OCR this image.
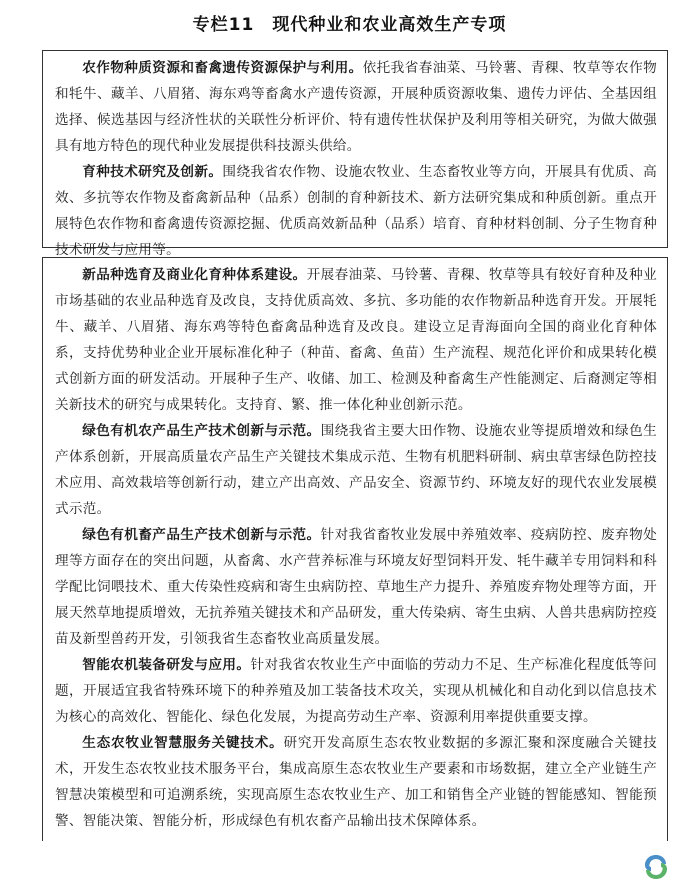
专栏11　现代种业和农业高效生产专项

农作物种质资源和畜禽遗传资源保护与利用。依托我省春油菜、马铃薯、青稞、牧草等农作物和牦牛、藏羊、八眉猪、海东鸡等畜禽水产遗传资源，开展种质资源收集、遗传力评估、全基因组选择、候选基因与经济性状的关联性分析评价、特有遗传性状保护及利用等相关研究，为做大做强具有地方特色的现代种业发展提供科技源头供给。

育种技术研究及创新。围绕我省农作物、设施农牧业、生态畜牧业等方向，开展具有优质、高效、多抗等农作物及畜禽新品种（品系）创制的育种新技术、新方法研究集成和种质创新。重点开展特色农作物和畜禽遗传资源挖掘、优质高效新品种（品系）培育、育种材料创制、分子生物育种技术研发与应用等。

新品种选育及商业化育种体系建设。开展春油菜、马铃薯、青稞、牧草等具有较好育种及种业市场基础的农业品种选育及改良，支持优质高效、多抗、多功能的农作物新品种选育开发。开展牦牛、藏羊、八眉猪、海东鸡等特色畜禽品种选育及改良。建设立足青海面向全国的商业化育种体系，支持优势种业企业开展标准化种子（种苗、畜禽、鱼苗）生产流程、规范化评价和成果转化模式创新方面的研发活动。开展种子生产、收储、加工、检测及种畜禽生产性能测定、后裔测定等相关新技术的研究与成果转化。支持育、繁、推一体化种业创新示范。

绿色有机农产品生产技术创新与示范。围绕我省主要大田作物、设施农业等提质增效和绿色生产体系创新，开展高质量农产品生产关键技术集成示范、生物有机肥料研制、病虫草害绿色防控技术应用、高效栽培等创新行动，建立产出高效、产品安全、资源节约、环境友好的现代农业发展模式示范。

绿色有机畜产品生产技术创新与示范。针对我省畜牧业发展中养殖效率、疫病防控、废弃物处理等方面存在的突出问题，从畜禽、水产营养标准与环境友好型饲料开发、牦牛藏羊专用饲料和科学配比饲喂技术、重大传染性疫病和寄生虫病防控、草地生产力提升、养殖废弃物处理等方面，开展天然草地提质增效，无抗养殖关键技术和产品研发，重大传染病、寄生虫病、人兽共患病防控疫苗及新型兽药开发，引领我省生态畜牧业高质量发展。

智能农机装备研发与应用。针对我省农牧业生产中面临的劳动力不足、生产标准化程度低等问题，开展适宜我省特殊环境下的种养殖及加工装备技术攻关，实现从机械化和自动化到以信息技术为核心的高效化、智能化、绿色化发展，为提高劳动生产率、资源利用率提供重要支撑。

生态农牧业智慧服务关键技术。研究开发高原生态农牧业数据的多源汇聚和深度融合关键技术，开发生态农牧业技术服务平台，集成高原生态农牧业生产要素和市场数据，建立全产业链生产智慧决策模型和可追溯系统，实现高原生态农牧业生产、加工和销售全产业链的智能感知、智能预警、智能决策、智能分析，形成绿色有机农畜产品输出技术保障体系。
